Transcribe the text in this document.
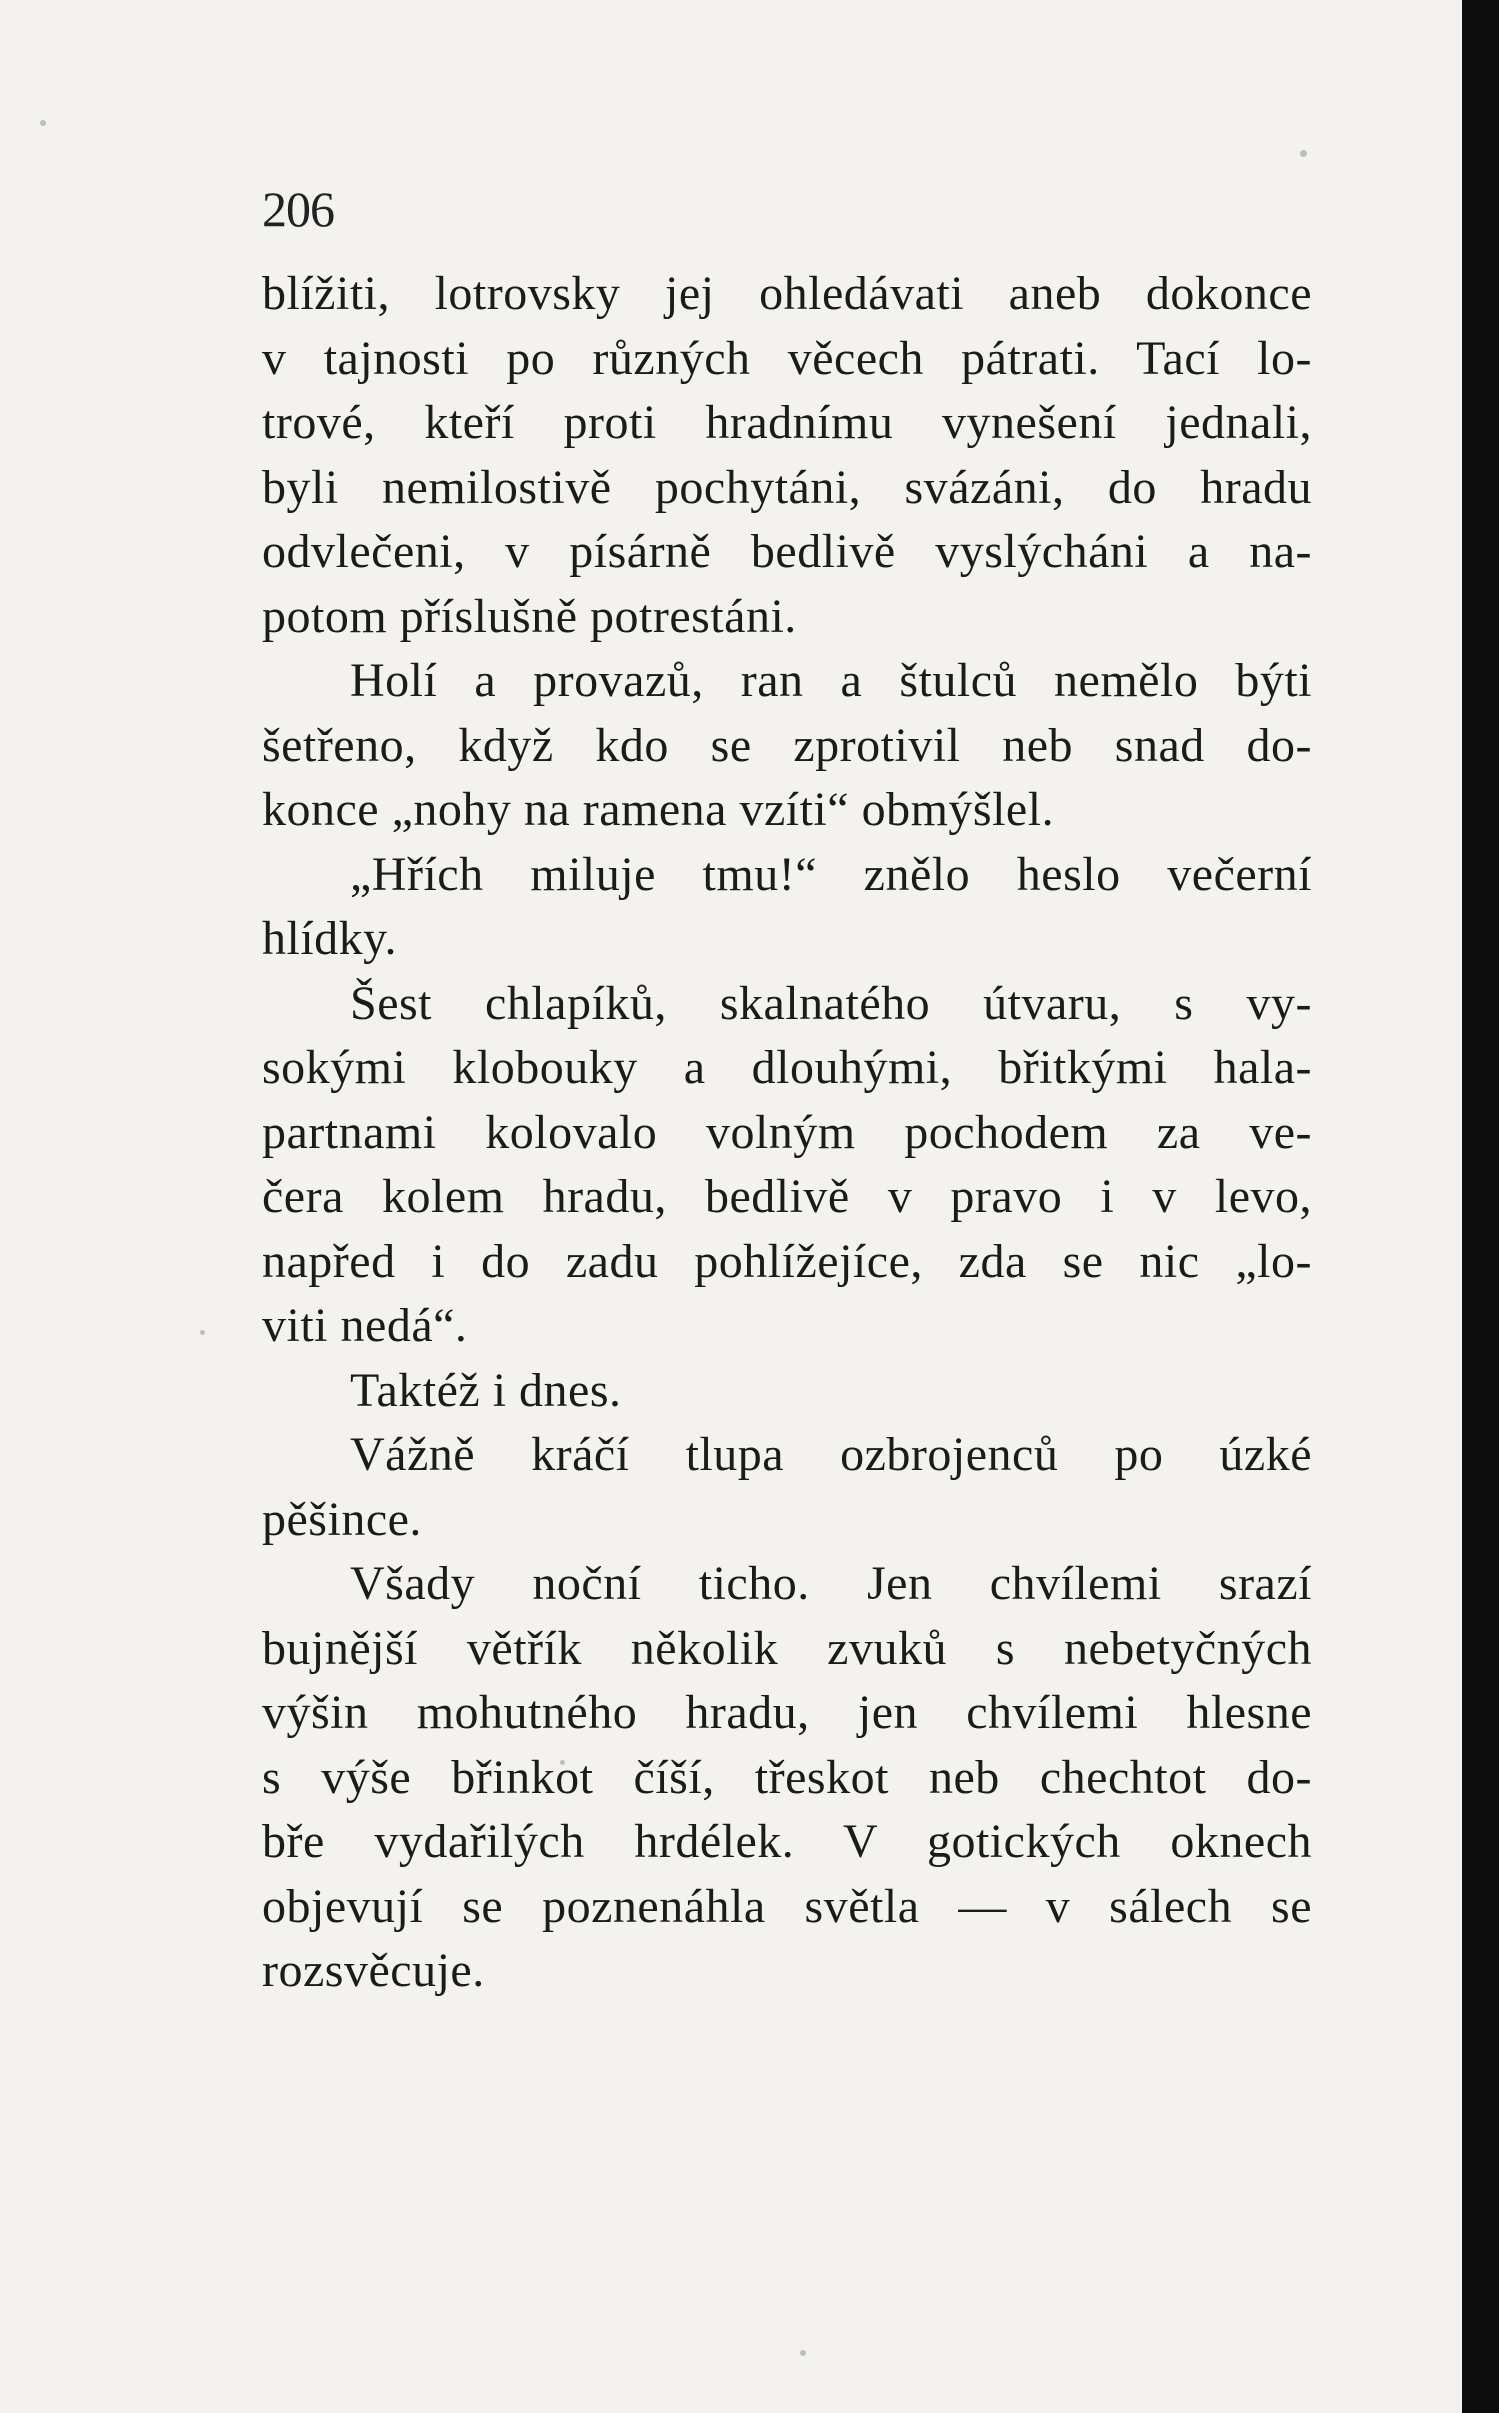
206
blížiti, lotrovsky jej ohledávati aneb dokonce
v tajnosti po různých věcech pátrati. Tací lo-
trové, kteří proti hradnímu vynešení jednali,
byli nemilostivě pochytáni, svázáni, do hradu
odvlečeni, v písárně bedlivě vyslýcháni a na-
potom příslušně potrestáni.
Holí a provazů, ran a štulců nemělo býti
šetřeno, když kdo se zprotivil neb snad do-
konce „nohy na ramena vzíti“ obmýšlel.
„Hřích miluje tmu!“ znělo heslo večerní
hlídky.
Šest chlapíků, skalnatého útvaru, s vy-
sokými klobouky a dlouhými, břitkými hala-
partnami kolovalo volným pochodem za ve-
čera kolem hradu, bedlivě v pravo i v levo,
napřed i do zadu pohlížejíce, zda se nic „lo-
viti nedá“.
Taktéž i dnes.
Vážně kráčí tlupa ozbrojenců po úzké
pěšince.
Všady noční ticho. Jen chvílemi srazí
bujnější větřík několik zvuků s nebetyčných
výšin mohutného hradu, jen chvílemi hlesne
s výše břinkot číší, třeskot neb chechtot do-
bře vydařilých hrdélek. V gotických oknech
objevují se poznenáhla světla — v sálech se
rozsvěcuje.
